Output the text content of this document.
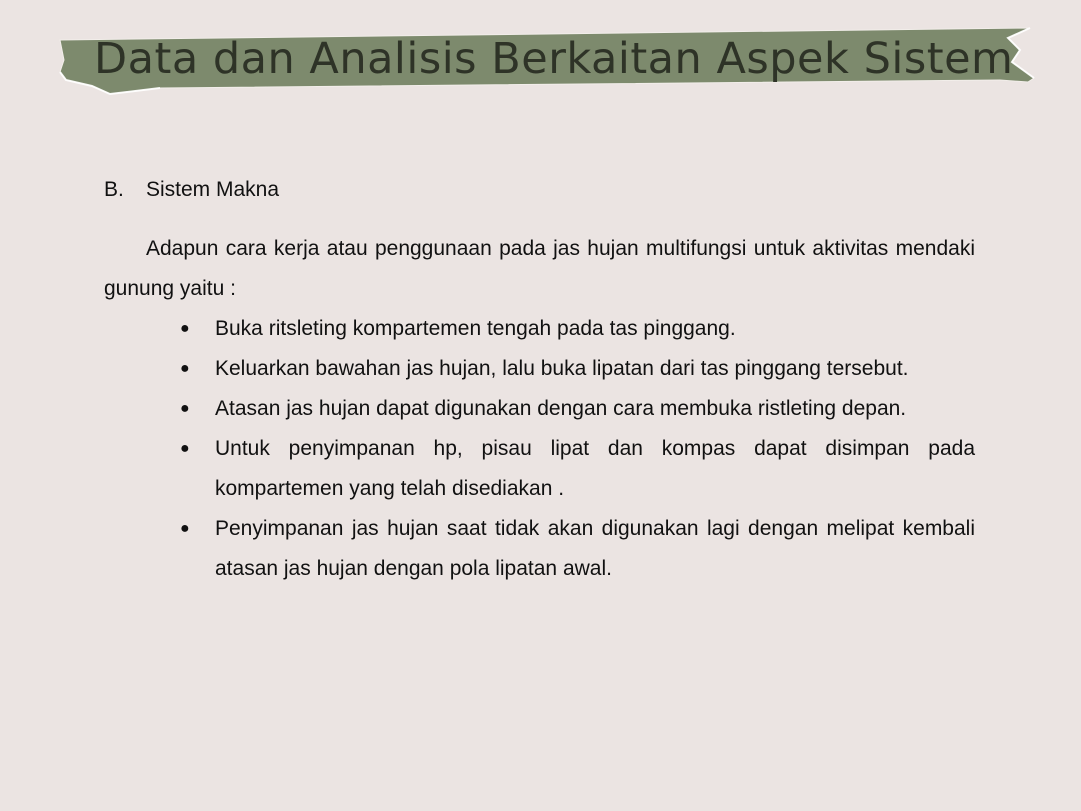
Data dan Analisis Berkaitan Aspek Sistem

B.	Sistem Makna

Adapun cara kerja atau penggunaan pada jas hujan multifungsi untuk aktivitas mendaki gunung yaitu :

●	Buka ritsleting kompartemen tengah pada tas pinggang.
●	Keluarkan bawahan jas hujan, lalu buka lipatan dari tas pinggang tersebut.
●	Atasan jas hujan dapat digunakan dengan cara membuka ristleting depan.
●	Untuk penyimpanan hp, pisau lipat dan kompas dapat disimpan pada kompartemen yang telah disediakan .
●	Penyimpanan jas hujan saat tidak akan digunakan lagi dengan melipat kembali atasan jas hujan dengan pola lipatan awal.
